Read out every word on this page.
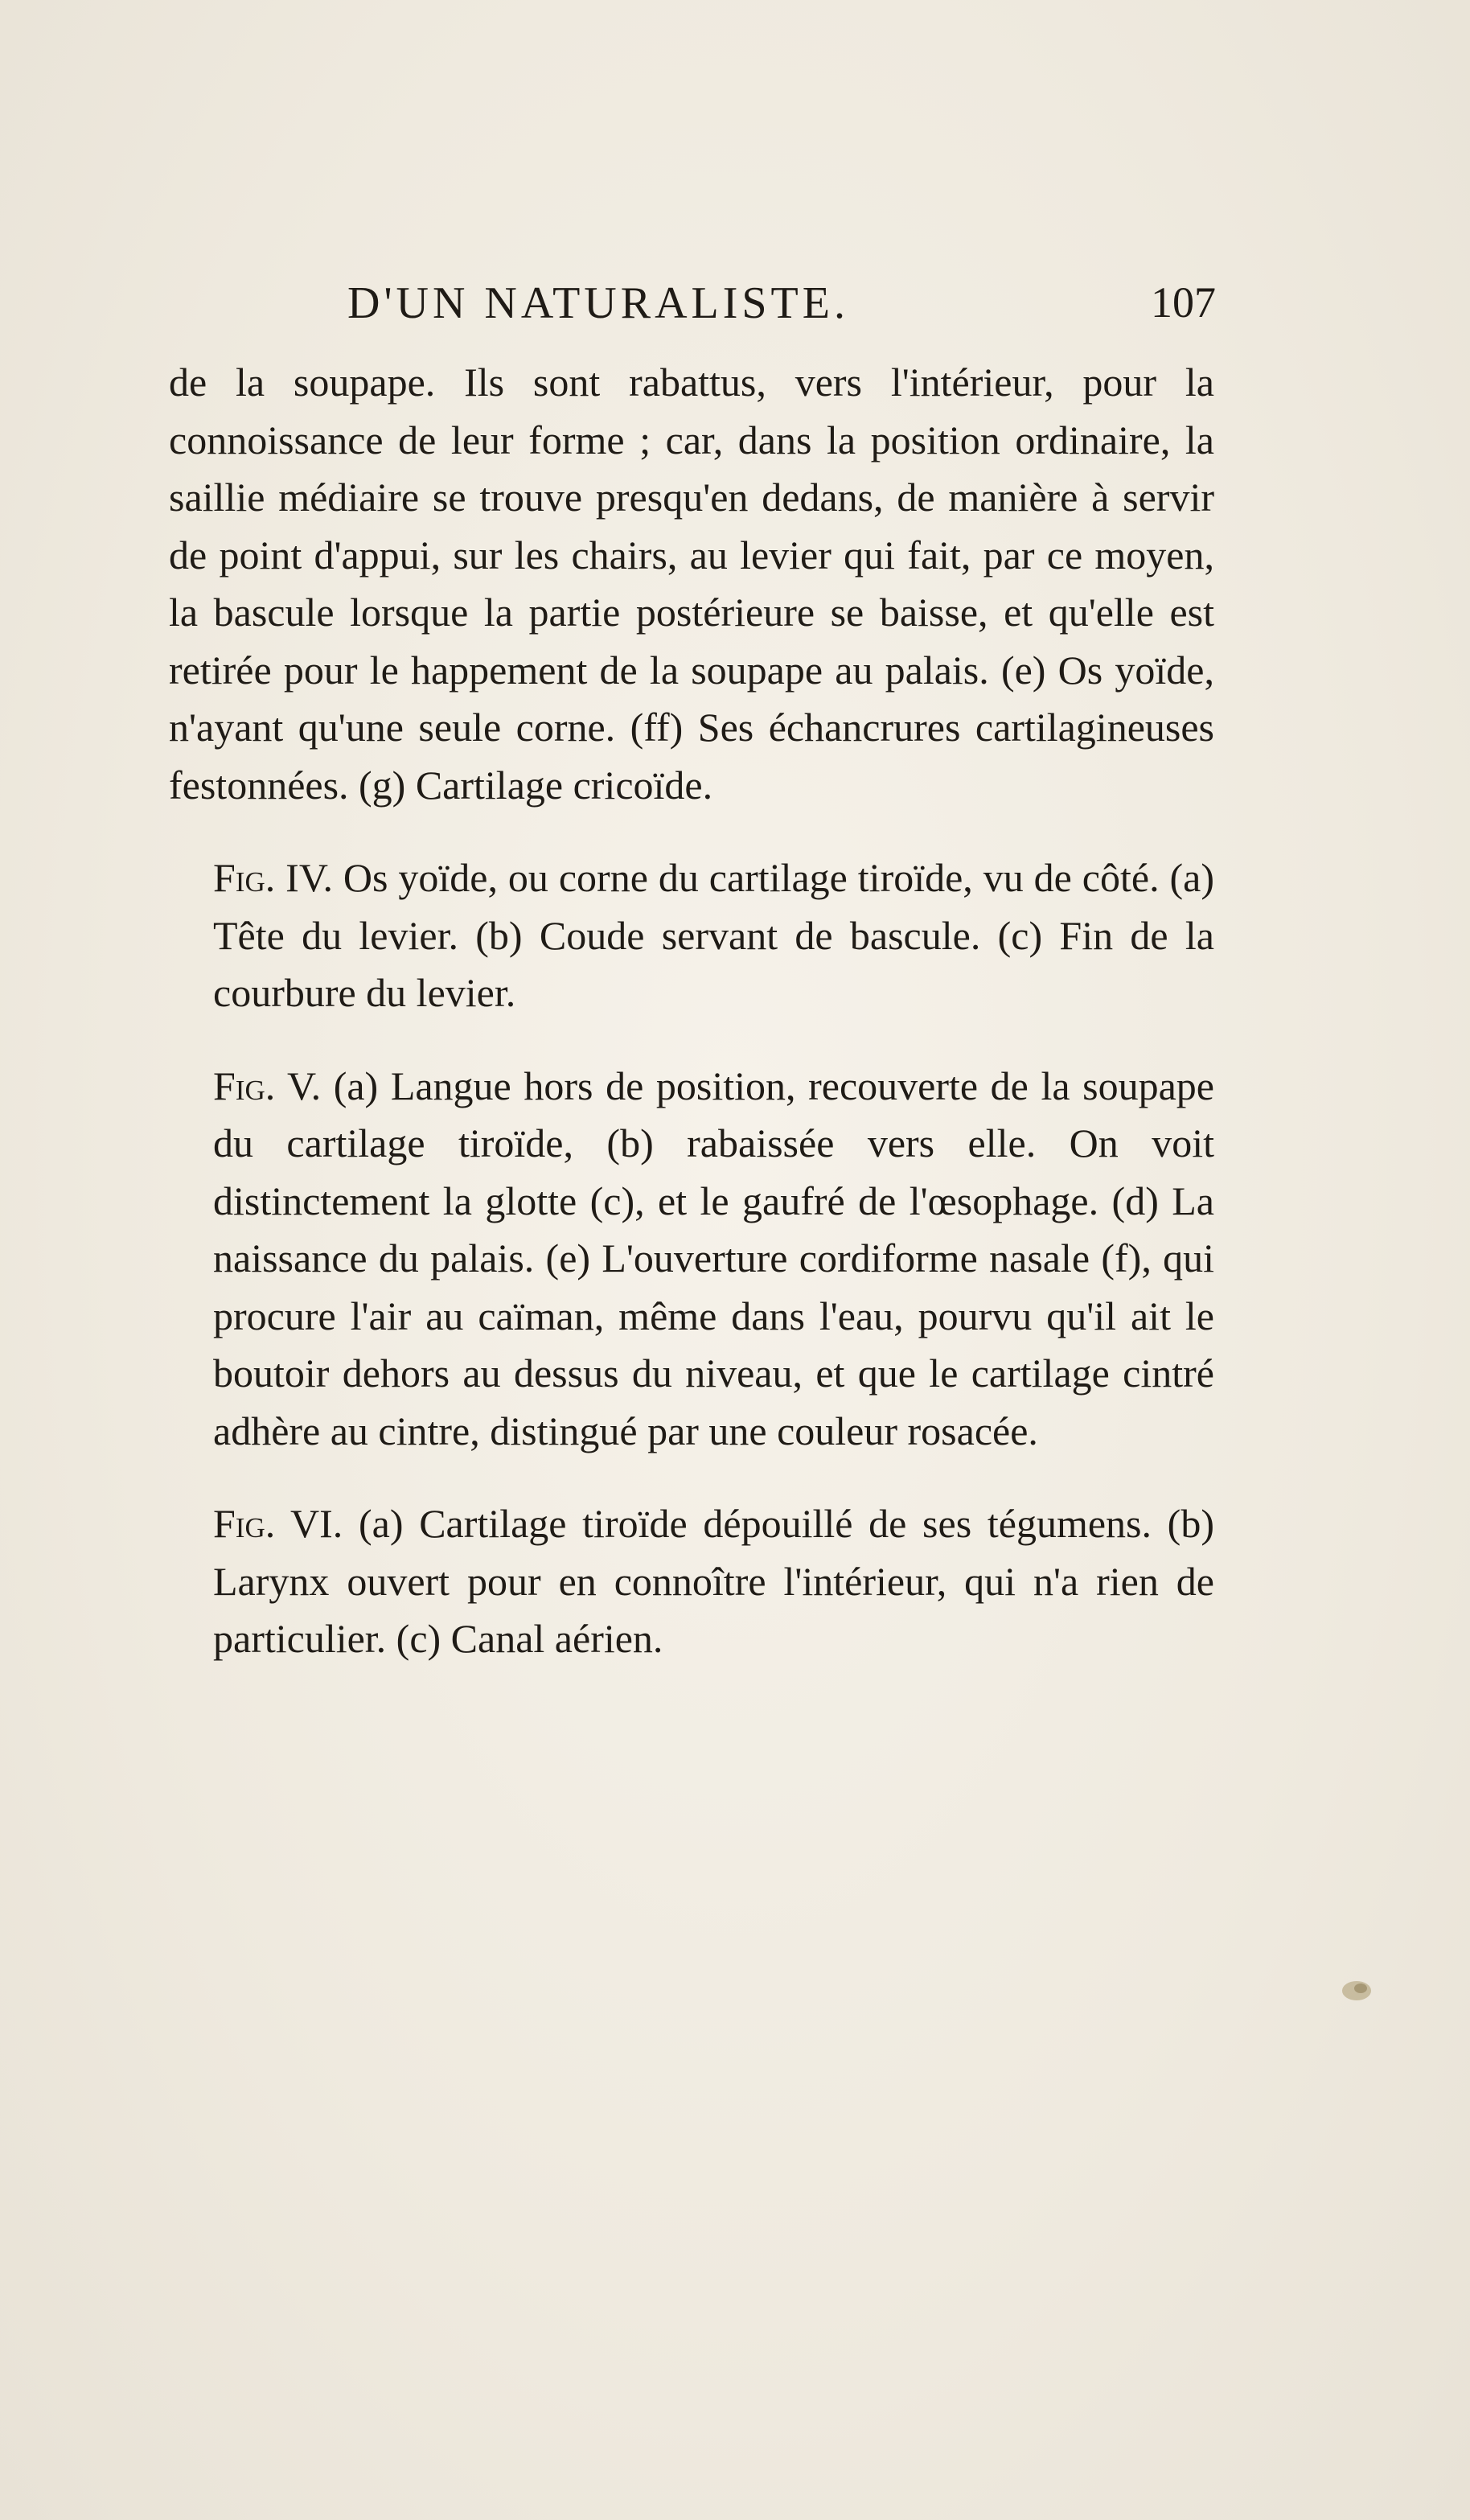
D'UN NATURALISTE.	107

de la soupape. Ils sont rabattus, vers l'intérieur, pour la connoissance de leur forme ; car, dans la position ordinaire, la saillie médiaire se trouve presqu'en dedans, de manière à servir de point d'appui, sur les chairs, au levier qui fait, par ce moyen, la bascule lorsque la partie postérieure se baisse, et qu'elle est retirée pour le happement de la soupape au palais. (e) Os yoïde, n'ayant qu'une seule corne. (ff) Ses échancrures cartilagineuses festonnées. (g) Cartilage cricoïde.

Fig. IV. Os yoïde, ou corne du cartilage tiroïde, vu de côté. (a) Tête du levier. (b) Coude servant de bascule. (c) Fin de la courbure du levier.

Fig. V. (a) Langue hors de position, recouverte de la soupape du cartilage tiroïde, (b) rabaissée vers elle. On voit distinctement la glotte (c), et le gaufré de l'œsophage. (d) La naissance du palais. (e) L'ouverture cordiforme nasale (f), qui procure l'air au caïman, même dans l'eau, pourvu qu'il ait le boutoir dehors au dessus du niveau, et que le cartilage cintré adhère au cintre, distingué par une couleur rosacée.

Fig. VI. (a) Cartilage tiroïde dépouillé de ses tégumens. (b) Larynx ouvert pour en connoître l'intérieur, qui n'a rien de particulier. (c) Canal aérien.
